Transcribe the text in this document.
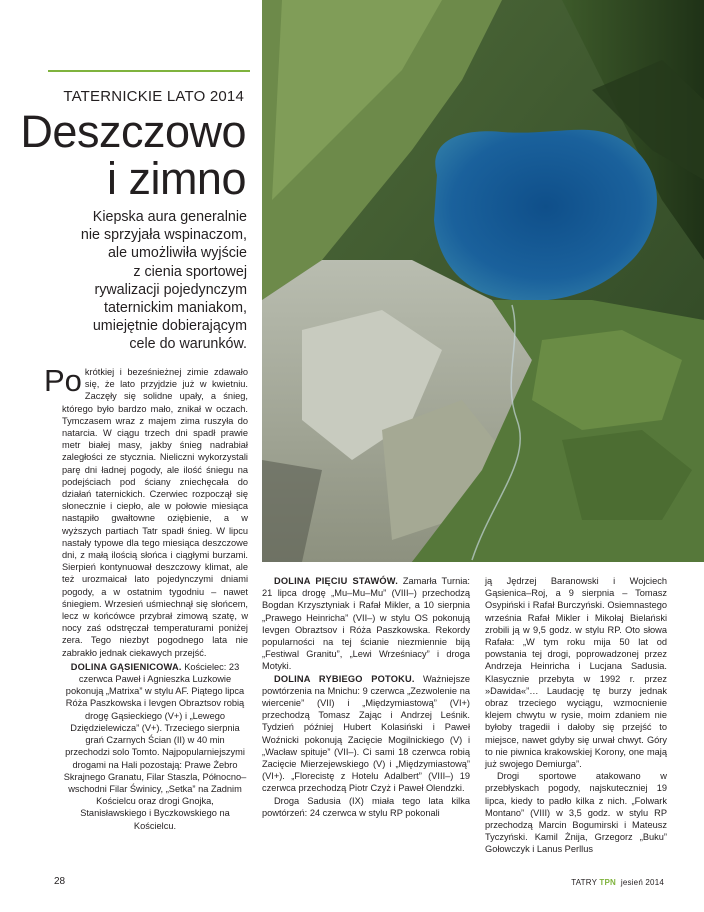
TATERNICKIE LATO 2014
Deszczowo
i zimno
Kiepska aura generalnie
nie sprzyjała wspinaczom,
ale umożliwiła wyjście
z cienia sportowej
rywalizacji pojedynczym
taternickim maniakom,
umiejętnie dobierającym
cele do warunków.

Po krótkiej i beześnieżnej zimie zdawało się, że lato przyjdzie już w kwietniu. Zaczęły się solidne upały, a śnieg, którego było bardzo mało, znikał w oczach. Tymczasem wraz z majem zima ruszyła do natarcia. W ciągu trzech dni spadł prawie metr białej masy, jakby śnieg nadrabiał zaległości ze stycznia. Nieliczni wykorzystali parę dni ładnej pogody, ale ilość śniegu na podejściach pod ściany zniechęcała do działań taternickich. Czerwiec rozpoczął się słonecznie i ciepło, ale w połowie miesiąca nastąpiło gwałtowne oziębienie, a w wyższych partiach Tatr spadł śnieg. W lipcu nastały typowe dla tego miesiąca deszczowe dni, z małą ilością słońca i ciągłymi burzami. Sierpień kontynuował deszczowy klimat, ale też urozmaicał lato pojedynczymi dniami pogody, a w ostatnim tygodniu – nawet śniegiem. Wrzesień uśmiechnął się słońcem, lecz w końcówce przybrał zimową szatę, w nocy zaś odstręczał temperaturami poniżej zera. Tego niezbyt pogodnego lata nie zabrakło jednak ciekawych przejść.

DOLINA GĄSIENICOWA. Kościelec: 23 czerwca Paweł i Agnieszka Luzkowie pokonują „Matrixa” w stylu AF. Piątego lipca Róża Paszkowska i Ievgen Obraztsov robią drogę Gąsieckiego (V+) i „Lewego Dziędzielewicza” (V+). Trzeciego sierpnia grań Czarnych Ścian (II) w 40 min przechodzi solo Tomto. Najpopularniejszymi drogami na Hali pozostają: Prawe Żebro Skrajnego Granatu, Filar Staszla, Północno–wschodni Filar Świnicy, „Setka” na Zadnim Kościelcu oraz drogi Gnojka, Stanisławskiego i Byczkowskiego na Kościelcu.

DOLINA PIĘCIU STAWÓW. Zamarła Turnia: 21 lipca drogę „Mu–Mu–Mu” (VIII–) przechodzą Bogdan Krzysztyniak i Rafał Mikler, a 10 sierpnia „Prawego Heinricha” (VII–) w stylu OS pokonują Ievgen Obraztsov i Róża Paszkowska. Rekordy popularności na tej ścianie niezmiennie biją „Festiwal Granitu”, „Lewi Wrześniacy” i droga Motyki.

DOLINA RYBIEGO POTOKU. Ważniejsze powtórzenia na Mnichu: 9 czerwca „Zezwolenie na wiercenie” (VII) i „Międzymiastową” (VI+) przechodzą Tomasz Zając i Andrzej Leśnik. Tydzień później Hubert Kolasiński i Paweł Woźnicki pokonują Zacięcie Mogilnickiego (V) i „Wacław spituje” (VII–). Ci sami 18 czerwca robią Zacięcie Mierzejewskiego (V) i „Międzymiastową” (VI+). „Florecistę z Hotelu Adalbert” (VIII–) 19 czerwca przechodzą Piotr Czyż i Paweł Olendzki.

Droga Sadusia (IX) miała tego lata kilka powtórzeń: 24 czerwca w stylu RP pokonali

ją Jędrzej Baranowski i Wojciech Gąsienica–Roj, a 9 sierpnia – Tomasz Osypiński i Rafał Burczyński. Osiemnastego września Rafał Mikler i Mikołaj Bielański zrobili ją w 9,5 godz. w stylu RP. Oto słowa Rafała: „W tym roku mija 50 lat od powstania tej drogi, poprowadzonej przez Andrzeja Heinricha i Lucjana Sadusia. Klasycznie przebyta w 1992 r. przez »Dawida«”… Laudację tę burzy jednak obraz trzeciego wyciągu, wzmocnienie klejem chwytu w rysie, moim zdaniem nie byłoby tragedii i dałoby się przejść to miejsce, nawet gdyby się urwał chwyt. Góry to nie piwnica krakowskiej Korony, one mają już swojego Demiurga”.

Drogi sportowe atakowano w przebłyskach pogody, najskuteczniej 19 lipca, kiedy to padło kilka z nich. „Folwark Montano” (VIII) w 3,5 godz. w stylu RP przechodzą Marcin Bogumirski i Mateusz Tyczyński. Kamil Żnija, Grzegorz „Buku” Gołowczyk i Lanus Perllus

28	TATRY TPN jesień 2014
